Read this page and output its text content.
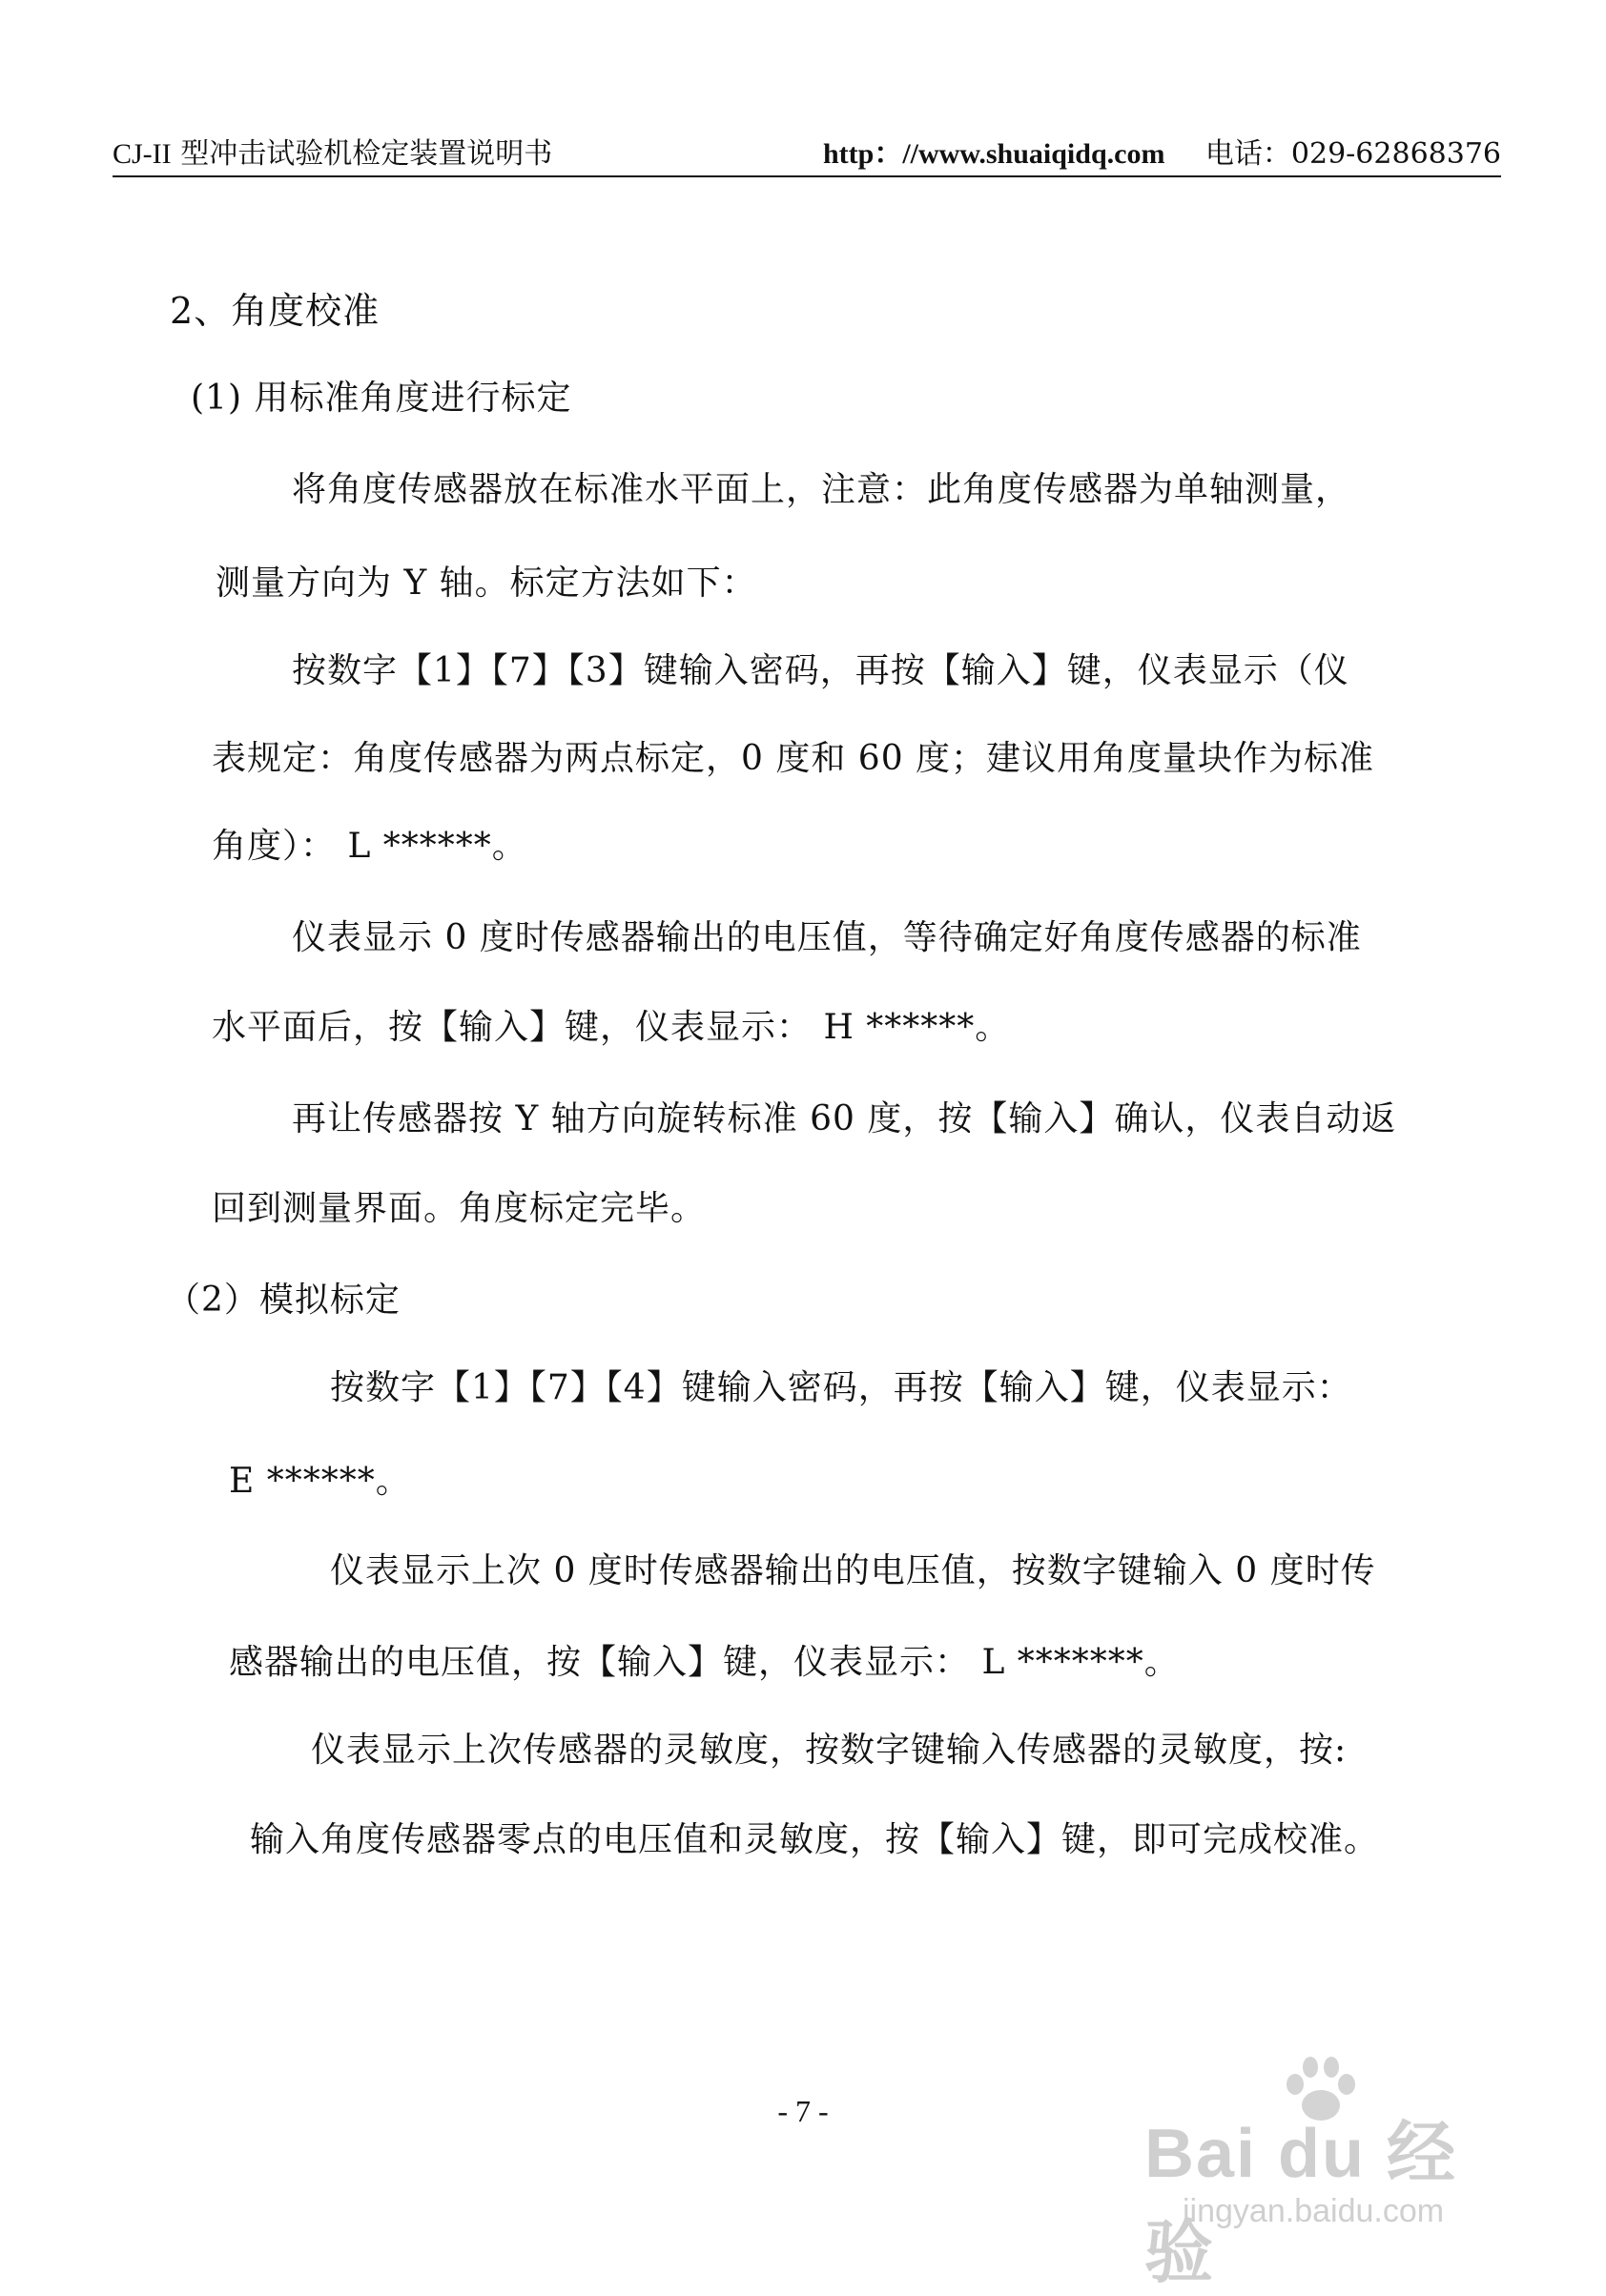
CJ-II 型冲击试验机检定装置说明书	http：//www.shuaiqidq.com 电话：029-62868376
2、角度校准
(1) 用标准角度进行标定
将角度传感器放在标准水平面上，注意：此角度传感器为单轴测量，
测量方向为 Y 轴。标定方法如下：
按数字【1】【7】【3】键输入密码，再按【输入】键，仪表显示（仪
表规定：角度传感器为两点标定，0 度和 60 度；建议用角度量块作为标准
角度）： L ******。
仪表显示 0 度时传感器输出的电压值，等待确定好角度传感器的标准
水平面后，按【输入】键，仪表显示： H ******。
再让传感器按 Y 轴方向旋转标准 60 度，按【输入】确认，仪表自动返
回到测量界面。角度标定完毕。
（2）模拟标定
按数字【1】【7】【4】键输入密码，再按【输入】键，仪表显示：
E ******。
仪表显示上次 0 度时传感器输出的电压值，按数字键输入 0 度时传
感器输出的电压值，按【输入】键，仪表显示： L *******。
仪表显示上次传感器的灵敏度，按数字键输入传感器的灵敏度，按:
输入角度传感器零点的电压值和灵敏度，按【输入】键，即可完成校准。
- 7 -
Bai du 经验
jingyan.baidu.com
